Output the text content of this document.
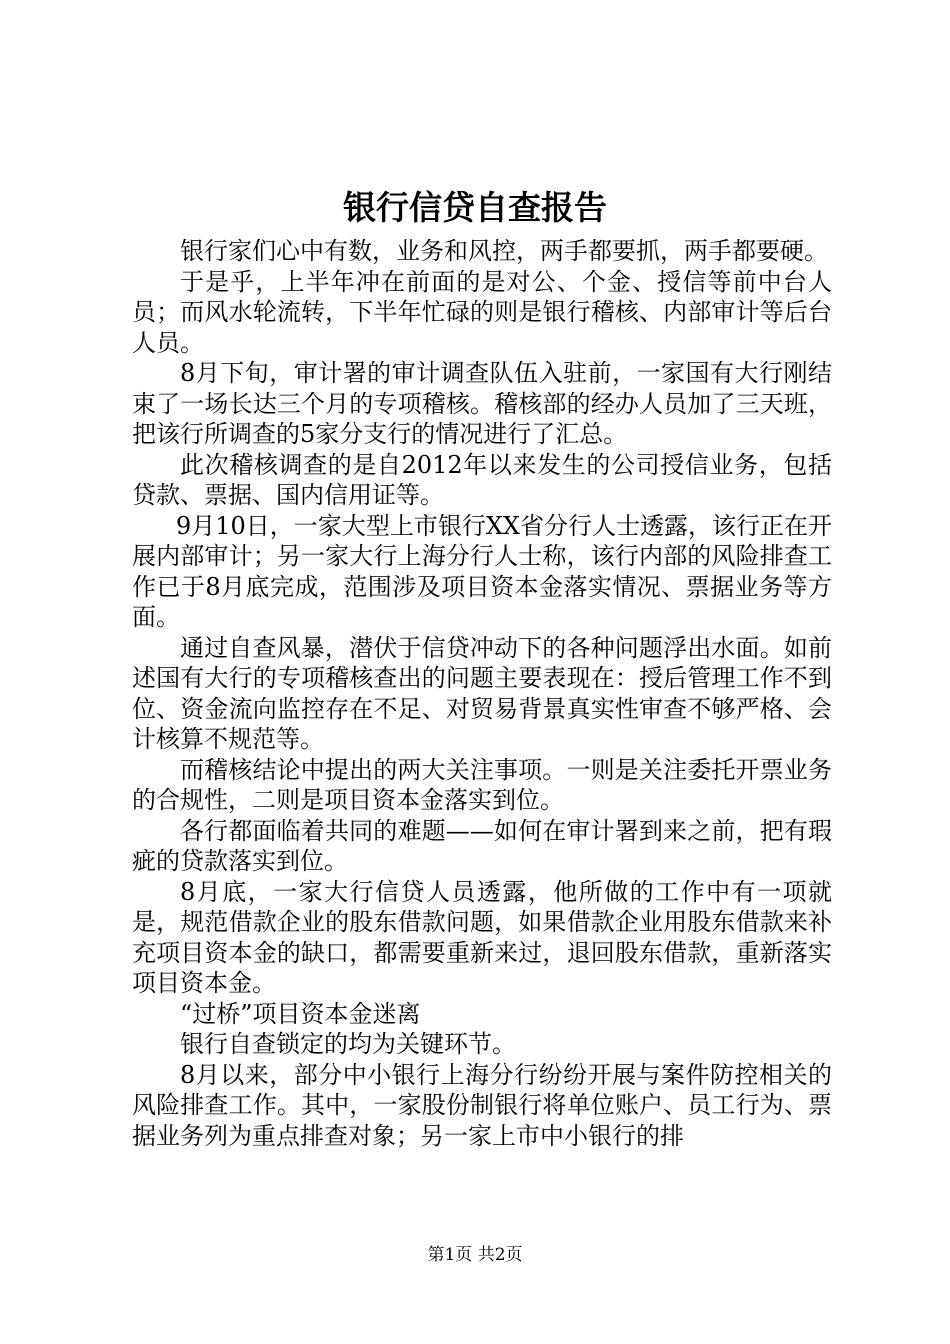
银行信贷自查报告

银行家们心中有数，业务和风控，两手都要抓，两手都要硬。

于是乎，上半年冲在前面的是对公、个金、授信等前中台人员；而风水轮流转，下半年忙碌的则是银行稽核、内部审计等后台人员。

8月下旬，审计署的审计调查队伍入驻前，一家国有大行刚结束了一场长达三个月的专项稽核。稽核部的经办人员加了三天班，把该行所调查的5家分支行的情况进行了汇总。

此次稽核调查的是自2012年以来发生的公司授信业务，包括贷款、票据、国内信用证等。

9月10日，一家大型上市银行XX省分行人士透露，该行正在开展内部审计；另一家大行上海分行人士称，该行内部的风险排查工作已于8月底完成，范围涉及项目资本金落实情况、票据业务等方面。

通过自查风暴，潜伏于信贷冲动下的各种问题浮出水面。如前述国有大行的专项稽核查出的问题主要表现在：授后管理工作不到位、资金流向监控存在不足、对贸易背景真实性审查不够严格、会计核算不规范等。

而稽核结论中提出的两大关注事项。一则是关注委托开票业务的合规性，二则是项目资本金落实到位。

各行都面临着共同的难题——如何在审计署到来之前，把有瑕疵的贷款落实到位。

8月底，一家大行信贷人员透露，他所做的工作中有一项就是，规范借款企业的股东借款问题，如果借款企业用股东借款来补充项目资本金的缺口，都需要重新来过，退回股东借款，重新落实项目资本金。

“过桥”项目资本金迷离

银行自查锁定的均为关键环节。

8月以来，部分中小银行上海分行纷纷开展与案件防控相关的风险排查工作。其中，一家股份制银行将单位账户、员工行为、票据业务列为重点排查对象；另一家上市中小银行的排

第1页 共2页
